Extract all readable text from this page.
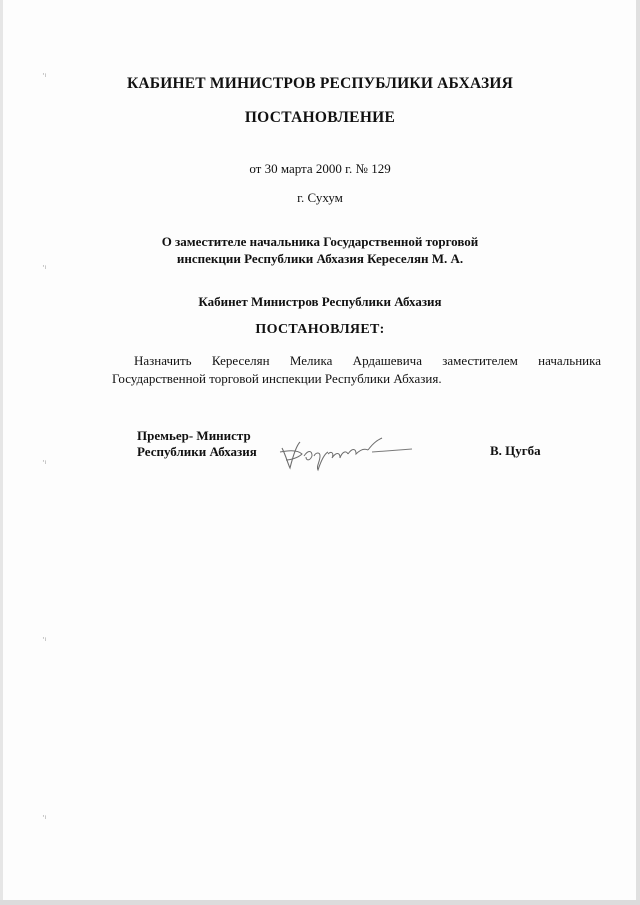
·ᵢ
·ᵢ
·ᵢ
·ᵢ
·ᵢ
КАБИНЕТ МИНИСТРОВ РЕСПУБЛИКИ АБХАЗИЯ
ПОСТАНОВЛЕНИЕ
от 30 марта 2000 г. № 129
г. Сухум
О заместителе начальника Государственной торговой
инспекции Республики Абхазия Кереселян М. А.
Кабинет Министров Республики Абхазия
ПОСТАНОВЛЯЕТ:
Назначить Кереселян Мелика Ардашевича заместителем начальника Государственной торговой инспекции Республики Абхазия.
Премьер- Министр
Республики Абхазия	В. Цугба
